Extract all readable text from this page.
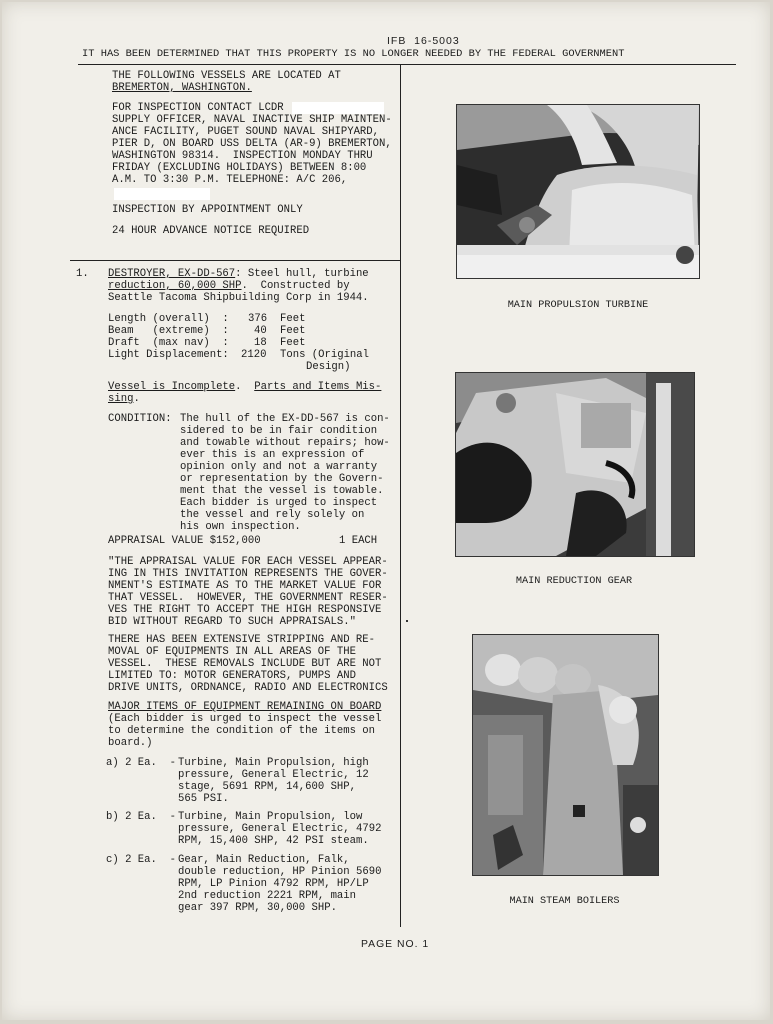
IFB  16-5003
IT HAS BEEN DETERMINED THAT THIS PROPERTY IS NO LONGER NEEDED BY THE FEDERAL GOVERNMENT
THE FOLLOWING VESSELS ARE LOCATED AT
BREMERTON, WASHINGTON.
FOR INSPECTION CONTACT LCDR
SUPPLY OFFICER, NAVAL INACTIVE SHIP MAINTEN-
ANCE FACILITY, PUGET SOUND NAVAL SHIPYARD,
PIER D, ON BOARD USS DELTA (AR-9) BREMERTON,
WASHINGTON 98314.  INSPECTION MONDAY THRU
FRIDAY (EXCLUDING HOLIDAYS) BETWEEN 8:00
A.M. TO 3:30 P.M. TELEPHONE: A/C 206,
INSPECTION BY APPOINTMENT ONLY
24 HOUR ADVANCE NOTICE REQUIRED
1. DESTROYER, EX-DD-567: Steel hull, turbine
reduction, 60,000 SHP.  Constructed by
Seattle Tacoma Shipbuilding Corp in 1944.
Length (overall)  : 376 Feet
Beam   (extreme)  : 40 Feet
Draft  (max nav)  : 18 Feet
Light Displacement: 2120 Tons (Original
Design)
Vessel is Incomplete.  Parts and Items Mis-
sing.
CONDITION: The hull of the EX-DD-567 is con-
sidered to be in fair condition
and towable without repairs; how-
ever this is an expression of
opinion only and not a warranty
or representation by the Govern-
ment that the vessel is towable.
Each bidder is urged to inspect
the vessel and rely solely on
his own inspection.
APPRAISAL VALUE $152,000	1 EACH
"THE APPRAISAL VALUE FOR EACH VESSEL APPEAR-
ING IN THIS INVITATION REPRESENTS THE GOVER-
NMENT'S ESTIMATE AS TO THE MARKET VALUE FOR
THAT VESSEL.  HOWEVER, THE GOVERNMENT RESER-
VES THE RIGHT TO ACCEPT THE HIGH RESPONSIVE
BID WITHOUT REGARD TO SUCH APPRAISALS."
THERE HAS BEEN EXTENSIVE STRIPPING AND RE-
MOVAL OF EQUIPMENTS IN ALL AREAS OF THE
VESSEL.  THESE REMOVALS INCLUDE BUT ARE NOT
LIMITED TO: MOTOR GENERATORS, PUMPS AND
DRIVE UNITS, ORDNANCE, RADIO AND ELECTRONICS
MAJOR ITEMS OF EQUIPMENT REMAINING ON BOARD
(Each bidder is urged to inspect the vessel
to determine the condition of the items on
board.)
a) 2 Ea.  - Turbine, Main Propulsion, high
pressure, General Electric, 12
stage, 5691 RPM, 14,600 SHP,
565 PSI.
b) 2 Ea.  - Turbine, Main Propulsion, low
pressure, General Electric, 4792
RPM, 15,400 SHP, 42 PSI steam.
c) 2 Ea.  - Gear, Main Reduction, Falk,
double reduction, HP Pinion 5690
RPM, LP Pinion 4792 RPM, HP/LP
2nd reduction 2221 RPM, main
gear 397 RPM, 30,000 SHP.
MAIN PROPULSION TURBINE
MAIN REDUCTION GEAR
MAIN STEAM BOILERS
PAGE NO. 1
